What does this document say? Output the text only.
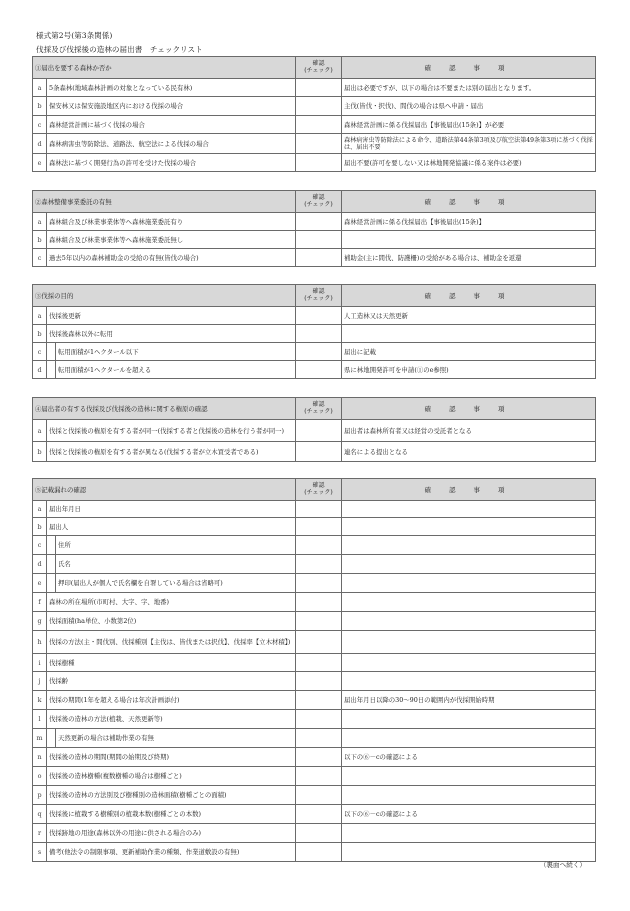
様式第2号(第3条関係)
伐採及び伐採後の造林の届出書　チェックリスト
①届出を要する森林か否か		確認
(チェック)	確 認 事 項
a	5条森林(地域森林計画の対象となっている民有林)		届出は必要ですが、以下の場合は不要または別の届出となります。
b	保安林又は保安施設地区内における伐採の場合		主伐(皆伐・択伐)、間伐の場合は県へ申請・届出
c	森林経営計画に基づく伐採の場合		森林経営計画に係る伐採届出【事後届出(15条)】が必要
d	森林病害虫等防除法、道路法、航空法による伐採の場合		森林病害虫等防除法による命令、道路法第44条第3項及び航空法第49条第3項に基づく伐採は、届出不要
e	森林法に基づく開発行為の許可を受けた伐採の場合		届出不要(許可を要しない又は林地開発協議に係る案件は必要)
②森林整備事業委託の有無		確認
(チェック)	確 認 事 項
a	森林組合及び林業事業体等へ森林施業委託有り		森林経営計画に係る伐採届出【事後届出(15条)】
b	森林組合及び林業事業体等へ森林施業委託無し		
c	過去5年以内の森林補助金の受給の有無(皆伐の場合)		補助金(主に間伐、防護柵)の受給がある場合は、補助金を返還
③伐採の目的			確認
(チェック)	確 認 事 項
a	伐採後更新			人工造林又は天然更新
b	伐採後森林以外に転用			
c		転用面積が1ヘクタール以下		届出に記載
d		転用面積が1ヘクタールを超える		県に林地開発許可を申請(①のe参照)
④届出者の有する伐採及び伐採後の造林に関する権原の確認		確認
(チェック)	確 認 事 項
a	伐採と伐採後の権原を有する者が同一(伐採する者と伐採後の造林を行う者が同一)		届出者は森林所有者又は経営の受託者となる
b	伐採と伐採後の権原を有する者が異なる(伐採する者が立木買受者である)		連名による提出となる
⑤記載漏れの確認			確認
(チェック)	確 認 事 項
a	届出年月日			
b	届出人			
c		住所		
d		氏名		
e		押印(届出人が個人で氏名欄を自署している場合は省略可)		
f	森林の所在場所(市町村、大字、字、地番)			
g	伐採面積(ha単位、小数第2位)			
h	伐採の方法(主・間伐別、伐採種別【主伐は、皆伐または択伐】、伐採率【立木材積】)			
i	伐採樹種			
j	伐採齢			
k	伐採の期間(1年を超える場合は年次計画添付)			届出年月日以降の30〜90日の範囲内が伐採開始時期
l	伐採後の造林の方法(植栽、天然更新等)			
m		天然更新の場合は補助作業の有無		
n	伐採後の造林の期間(期間の始期及び終期)			以下の⑥－cの確認による
o	伐採後の造林樹種(複数樹種の場合は樹種ごと)			
p	伐採後の造林の方法別及び樹種別の造林面積(樹種ごとの面積)			
q	伐採後に植栽する樹種別の植栽本数(樹種ごとの本数)			以下の⑥－cの確認による
r	伐採跡地の用途(森林以外の用途に供される場合のみ)			
s	備考(他法令の制限事項、更新補助作業の種類、作業道敷設の有無)			
（裏面へ続く）
